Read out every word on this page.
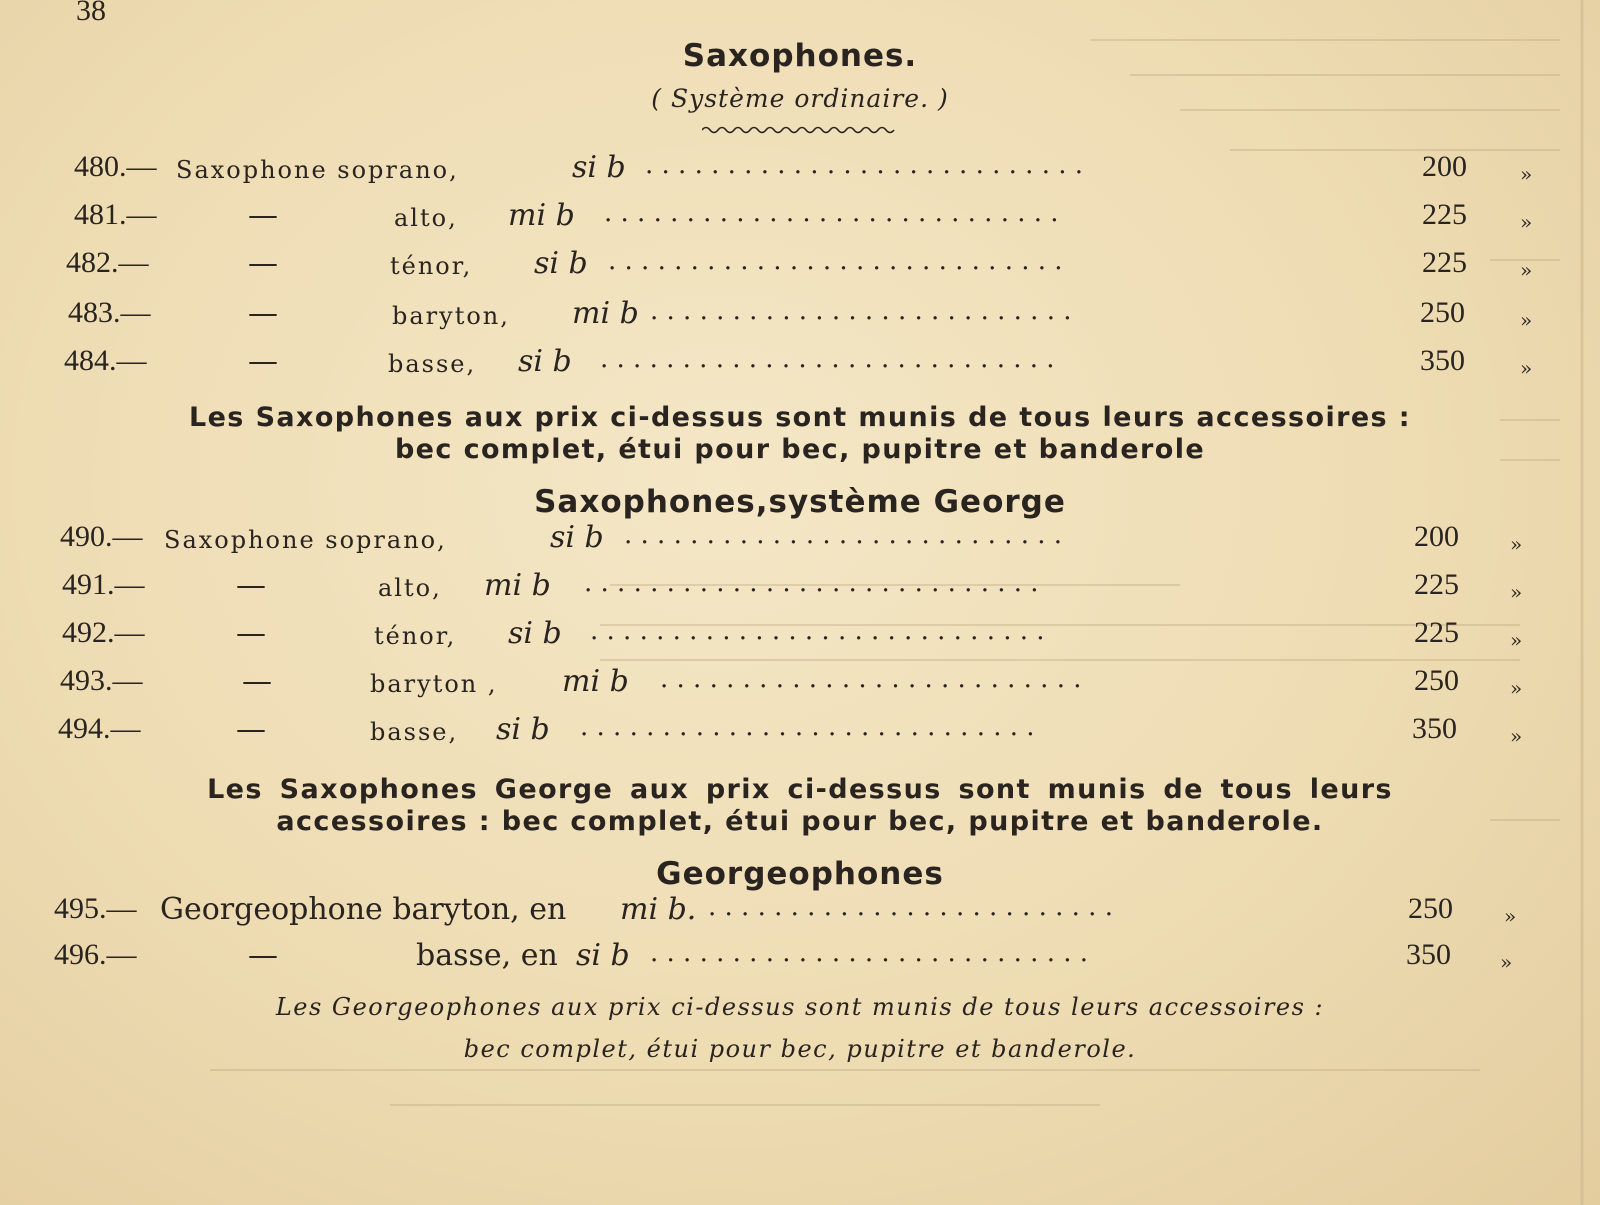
38
Saxophones.
( Système ordinaire. )
480.— Saxophone soprano,	si b . . . . . . . . . . . . . . . . . . . . . . . . . . .	200	»
481.—	—	alto, mi b . . . . . . . . . . . . . . . . . . . . . . . . . . . .	225	»
482.—	—	ténor, si b . . . . . . . . . . . . . . . . . . . . . . . . . . . .	225	»
483.—	—	baryton, mi b . . . . . . . . . . . . . . . . . . . . . . . . . .	250	»
484.—	—	basse, si b . . . . . . . . . . . . . . . . . . . . . . . . . . . .	350	»
Les Saxophones aux prix ci-dessus sont munis de tous leurs accessoires :
bec complet, étui pour bec, pupitre et banderole
Saxophones,système George
490.— Saxophone soprano,	si b . . . . . . . . . . . . . . . . . . . . . . . . . . .	200	»
491.—	—	alto, mi b . . . . . . . . . . . . . . . . . . . . . . . . . . . .	225	»
492.—	—	ténor, si b . . . . . . . . . . . . . . . . . . . . . . . . . . . .	225	»
493.—	—	baryton , mi b . . . . . . . . . . . . . . . . . . . . . . . . . .	250	»
494.—	—	basse, si b . . . . . . . . . . . . . . . . . . . . . . . . . . . .	350	»
Les Saxophones George aux prix ci-dessus sont munis de tous leurs
accessoires : bec complet, étui pour bec, pupitre et banderole.
Georgeophones
495.— Georgeophone baryton, en mi b. . . . . . . . . . . . . . . . . . . . . . . . . .	250	»
496.—	—	basse, en si b . . . . . . . . . . . . . . . . . . . . . . . . . . .	350 »
Les Georgeophones aux prix ci-dessus sont munis de tous leurs accessoires :
bec complet, étui pour bec, pupitre et banderole.
